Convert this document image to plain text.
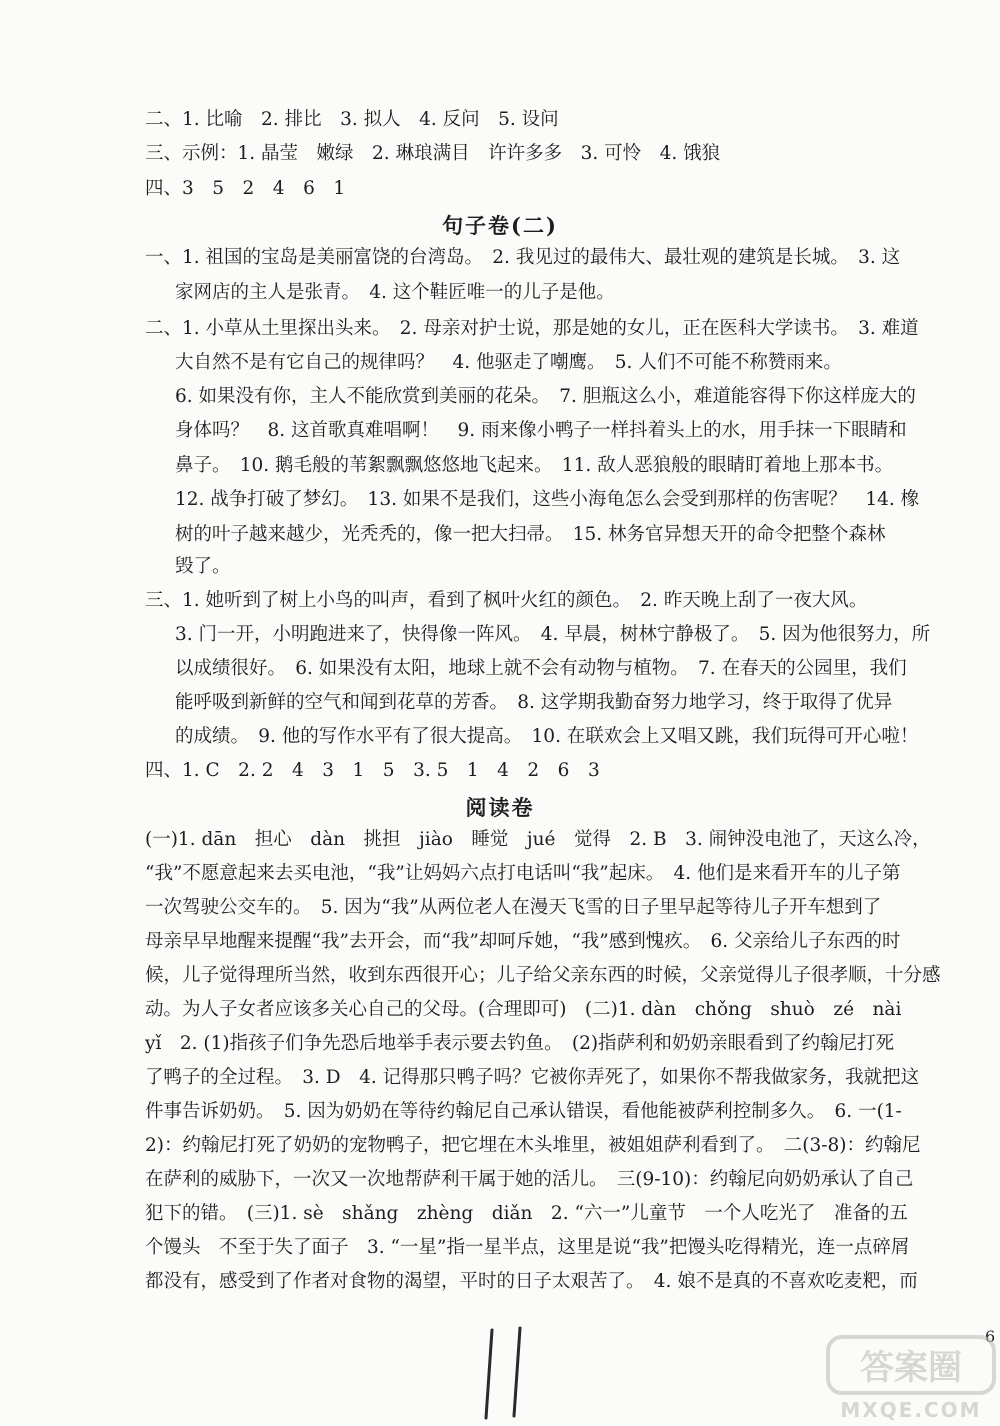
二、1. 比喻　2. 排比　3. 拟人　4. 反问　5. 设问
三、示例：1. 晶莹　嫩绿　2. 琳琅满目　许许多多　3. 可怜　4. 饿狼
四、3　5　2　4　6　1
句子卷(二)
一、1. 祖国的宝岛是美丽富饶的台湾岛。　2. 我见过的最伟大、最壮观的建筑是长城。　3. 这
家网店的主人是张青。　4. 这个鞋匠唯一的儿子是他。
二、1. 小草从土里探出头来。　2. 母亲对护士说，那是她的女儿，正在医科大学读书。　3. 难道
大自然不是有它自己的规律吗？　4. 他驱走了嘲鹰。　5. 人们不可能不称赞雨来。
6. 如果没有你，主人不能欣赏到美丽的花朵。　7. 胆瓶这么小，难道能容得下你这样庞大的
身体吗？　8. 这首歌真难唱啊！　9. 雨来像小鸭子一样抖着头上的水，用手抹一下眼睛和
鼻子。　10. 鹅毛般的苇絮飘飘悠悠地飞起来。　11. 敌人恶狼般的眼睛盯着地上那本书。
12. 战争打破了梦幻。　13. 如果不是我们，这些小海龟怎么会受到那样的伤害呢？　14. 橡
树的叶子越来越少，光秃秃的，像一把大扫帚。　15. 林务官异想天开的命令把整个森林
毁了。
三、1. 她听到了树上小鸟的叫声，看到了枫叶火红的颜色。　2. 昨天晚上刮了一夜大风。
3. 门一开，小明跑进来了，快得像一阵风。　4. 早晨，树林宁静极了。　5. 因为他很努力，所
以成绩很好。　6. 如果没有太阳，地球上就不会有动物与植物。　7. 在春天的公园里，我们
能呼吸到新鲜的空气和闻到花草的芳香。　8. 这学期我勤奋努力地学习，终于取得了优异
的成绩。　9. 他的写作水平有了很大提高。　10. 在联欢会上又唱又跳，我们玩得可开心啦！
四、1. C　2. 2　4　3　1　5　3. 5　1　4　2　6　3
阅读卷
(一)1. dān　担心　dàn　挑担　jiào　睡觉　jué　觉得　2. B　3. 闹钟没电池了，天这么冷，
“我”不愿意起来去买电池，“我”让妈妈六点打电话叫“我”起床。　4. 他们是来看开车的儿子第
一次驾驶公交车的。　5. 因为“我”从两位老人在漫天飞雪的日子里早起等待儿子开车想到了
母亲早早地醒来提醒“我”去开会，而“我”却呵斥她，“我”感到愧疚。　6. 父亲给儿子东西的时
候，儿子觉得理所当然，收到东西很开心；儿子给父亲东西的时候，父亲觉得儿子很孝顺，十分感
动。为人子女者应该多关心自己的父母。(合理即可)　(二)1. dàn　chǒng　shuò　zé　nài
yǐ　2. (1)指孩子们争先恐后地举手表示要去钓鱼。　(2)指萨利和奶奶亲眼看到了约翰尼打死
了鸭子的全过程。　3. D　4. 记得那只鸭子吗？它被你弄死了，如果你不帮我做家务，我就把这
件事告诉奶奶。　5. 因为奶奶在等待约翰尼自己承认错误，看他能被萨利控制多久。　6. 一(1-
2)：约翰尼打死了奶奶的宠物鸭子，把它埋在木头堆里，被姐姐萨利看到了。　二(3-8)：约翰尼
在萨利的威胁下，一次又一次地帮萨利干属于她的活儿。　三(9-10)：约翰尼向奶奶承认了自己
犯下的错。　(三)1. sè　shǎng　zhèng　diǎn　2. “六一”儿童节　一个人吃光了　准备的五
个馒头　不至于失了面子　3. “一星”指一星半点，这里是说“我”把馒头吃得精光，连一点碎屑
都没有，感受到了作者对食物的渴望，平时的日子太艰苦了。　4. 娘不是真的不喜欢吃麦粑，而
6
答案圈
MXQE.COM
